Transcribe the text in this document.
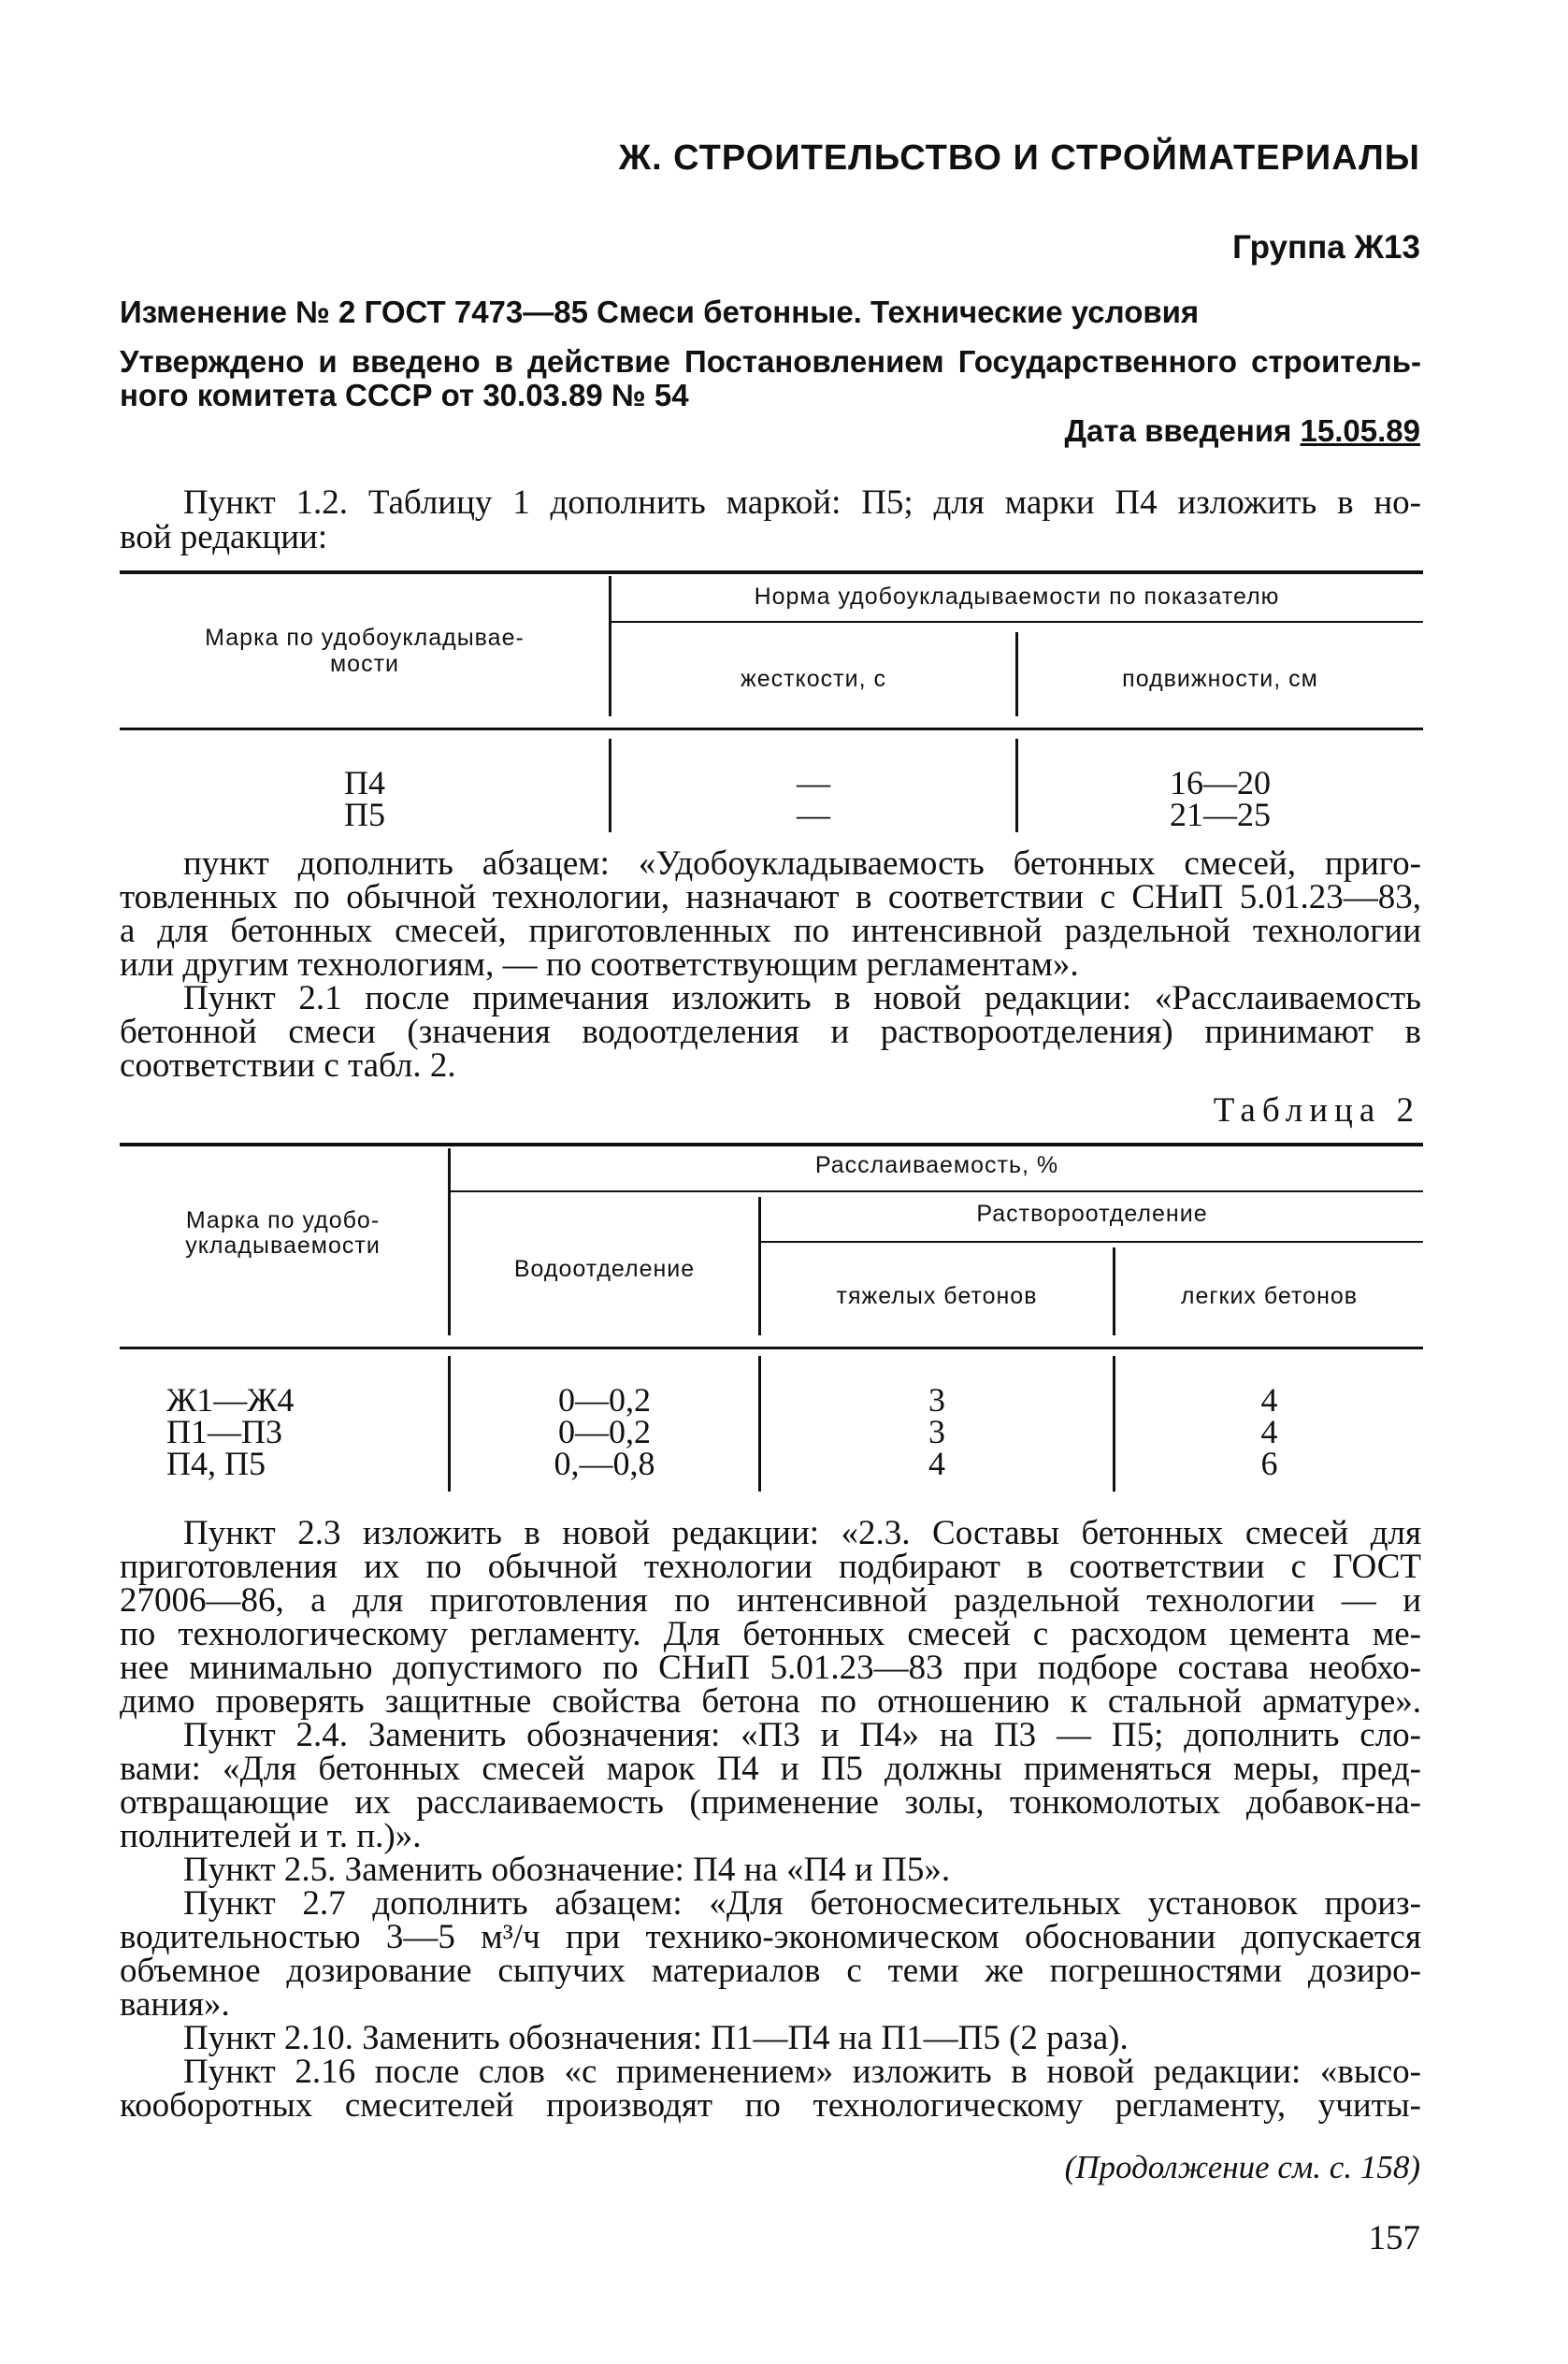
Ж. СТРОИТЕЛЬСТВО И СТРОЙМАТЕРИАЛЫ
Группа Ж13
Изменение № 2 ГОСТ 7473—85 Смеси бетонные. Технические условия
Утверждено и введено в действие Постановлением Государственного строитель-
ного комитета СССР от 30.03.89 № 54
Дата введения 15.05.89
Пункт 1.2. Таблицу 1 дополнить маркой: П5; для марки П4 изложить в но-
вой редакции:
Марка по удобоукладывае-
мости
Норма удобоукладываемости по показателю
жесткости, с	подвижности, см
П4	—	16—20
П5	—	21—25
пункт дополнить абзацем: «Удобоукладываемость бетонных смесей, приго-
товленных по обычной технологии, назначают в соответствии с СНиП 5.01.23—83,
а для бетонных смесей, приготовленных по интенсивной раздельной технологии
или другим технологиям, — по соответствующим регламентам».
Пункт 2.1 после примечания изложить в новой редакции: «Расслаиваемость
бетонной смеси (значения водоотделения и раствороотделения) принимают в
соответствии с табл. 2.
Таблица 2
Марка по удобо-
укладываемости
Расслаиваемость, %
Водоотделение
Раствороотделение
тяжелых бетонов	легких бетонов
Ж1—Ж4	0—0,2	3	4
П1—П3	0—0,2	3	4
П4, П5	0,—0,8	4	6
Пункт 2.3 изложить в новой редакции: «2.3. Составы бетонных смесей для
приготовления их по обычной технологии подбирают в соответствии с ГОСТ
27006—86, а для приготовления по интенсивной раздельной технологии — и
по технологическому регламенту. Для бетонных смесей с расходом цемента ме-
нее минимально допустимого по СНиП 5.01.23—83 при подборе состава необхо-
димо проверять защитные свойства бетона по отношению к стальной арматуре».
Пункт 2.4. Заменить обозначения: «П3 и П4» на П3 — П5; дополнить сло-
вами: «Для бетонных смесей марок П4 и П5 должны применяться меры, пред-
отвращающие их расслаиваемость (применение золы, тонкомолотых добавок-на-
полнителей и т. п.)».
Пункт 2.5. Заменить обозначение: П4 на «П4 и П5».
Пункт 2.7 дополнить абзацем: «Для бетоносмесительных установок произ-
водительностью 3—5 м³/ч при технико-экономическом обосновании допускается
объемное дозирование сыпучих материалов с теми же погрешностями дозиро-
вания».
Пункт 2.10. Заменить обозначения: П1—П4 на П1—П5 (2 раза).
Пункт 2.16 после слов «с применением» изложить в новой редакции: «высо-
кооборотных смесителей производят по технологическому регламенту, учиты-
(Продолжение см. с. 158)
157
